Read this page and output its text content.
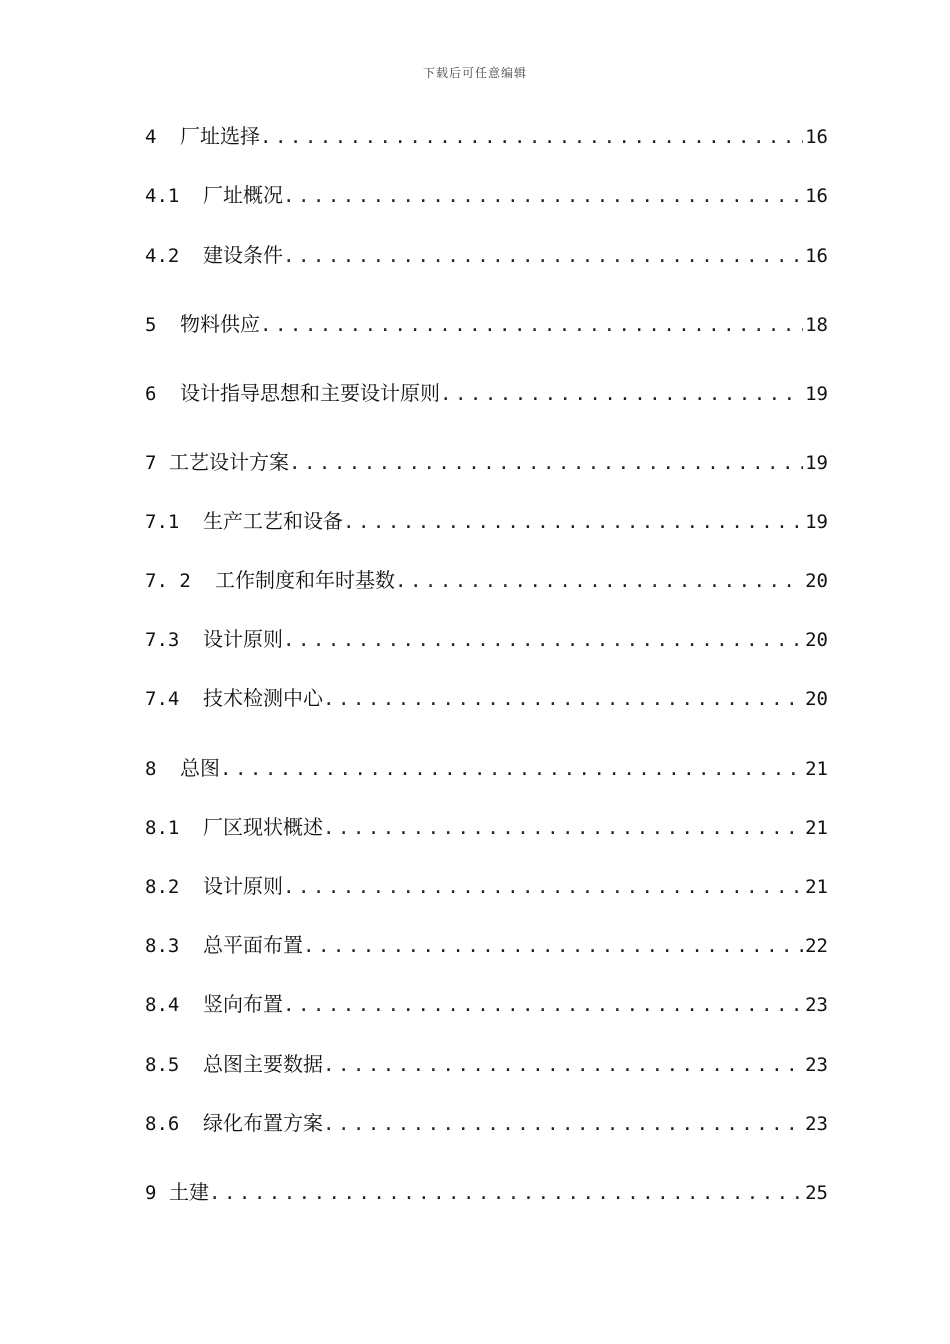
下载后可任意编辑
4	厂址选择 .....	16
4.1	厂址概况 .....	16
4.2	建设条件 .....	16
5	物料供应 .....	18
6	设计指导思想和主要设计原则 .....	19
7 工艺设计方案 .....	19
7.1	生产工艺和设备 .....	19
7. 2	工作制度和年时基数 .....	20
7.3	设计原则 .....	20
7.4	技术检测中心 .....	20
8	总图 .....	21
8.1	厂区现状概述 .....	21
8.2	设计原则 .....	21
8.3	总平面布置 .....	22
8.4	竖向布置 .....	23
8.5	总图主要数据 .....	23
8.6	绿化布置方案 .....	23
9 土建 .....	25
